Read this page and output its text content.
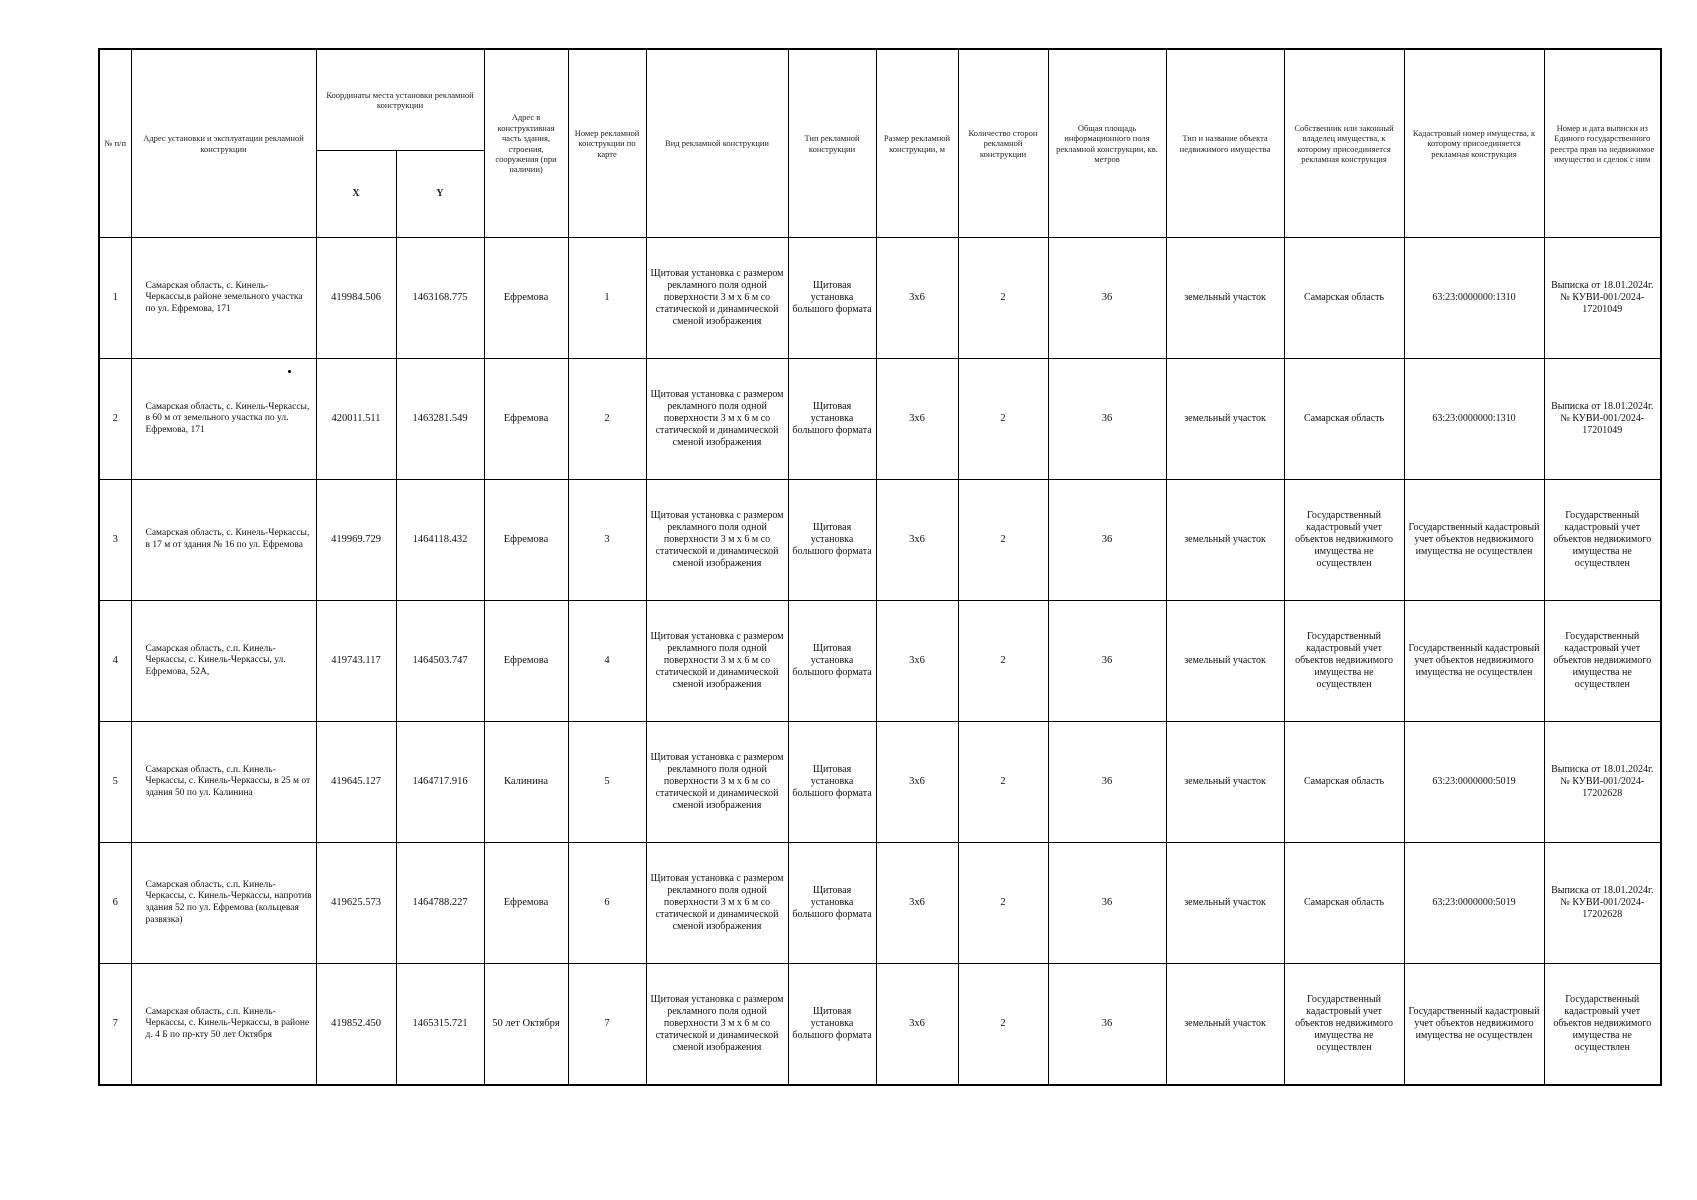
№ п/п	Адрес установки и эксплуатации рекламной конструкции	Координаты места установки рекламной конструкции		Адрес в конструктивная часть здания, строения, сооружения (при наличии)	Номер рекламной конструкции по карте	Вид рекламной конструкции	Тип рекламной конструкции	Размер рекламной конструкции, м	Количество сторон рекламной конструкции	Общая площадь информационного поля рекламной конструкции, кв. метров	Тип и название объекта недвижимого имущества	Собственник или законный владелец имущества, к которому присоединяется рекламная конструкция	Кадастровый номер имущества, к которому присоединяется рекламная конструкция	Номер и дата выписки из Единого государственного реестра прав на недвижимое имущество и сделок с ним
		X	Y											
1	Самарская область, с. Кинель-Черкассы,в районе земельного участка по ул. Ефремова, 171	419984.506	1463168.775	Ефремова	1	Щитовая установка с размером рекламного поля одной поверхности 3 м х 6 м со статической и динамической сменой изображения	Щитовая установка большого формата	3х6	2	36	земельный участок	Самарская область	63:23:0000000:1310	Выписка от 18.01.2024г. № КУВИ-001/2024-17201049
2	Самарская область, с. Кинель-Черкассы, в 60 м от земельного участка по ул. Ефремова, 171	420011.511	1463281.549	Ефремова	2	Щитовая установка с размером рекламного поля одной поверхности 3 м х 6 м со статической и динамической сменой изображения	Щитовая установка большого формата	3х6	2	36	земельный участок	Самарская область	63:23:0000000:1310	Выписка от 18.01.2024г. № КУВИ-001/2024-17201049
3	Самарская область, с. Кинель-Черкассы, в 17 м от здания № 16 по ул. Ефремова	419969.729	1464118.432	Ефремова	3	Щитовая установка с размером рекламного поля одной поверхности 3 м х 6 м со статической и динамической сменой изображения	Щитовая установка большого формата	3х6	2	36	земельный участок	Государственный кадастровый учет объектов недвижимого имущества не осуществлен	Государственный кадастровый учет объектов недвижимого имущества не осуществлен	Государственный кадастровый учет объектов недвижимого имущества не осуществлен
4	Самарская область, с.п. Кинель-Черкассы, с. Кинель-Черкассы, ул. Ефремова, 52А,	419743.117	1464503.747	Ефремова	4	Щитовая установка с размером рекламного поля одной поверхности 3 м х 6 м со статической и динамической сменой изображения	Щитовая установка большого формата	3х6	2	36	земельный участок	Государственный кадастровый учет объектов недвижимого имущества не осуществлен	Государственный кадастровый учет объектов недвижимого имущества не осуществлен	Государственный кадастровый учет объектов недвижимого имущества не осуществлен
5	Самарская область, с.п. Кинель-Черкассы, с. Кинель-Черкассы, в 25 м от здания 50 по ул. Калинина	419645.127	1464717.916	Калинина	5	Щитовая установка с размером рекламного поля одной поверхности 3 м х 6 м со статической и динамической сменой изображения	Щитовая установка большого формата	3х6	2	36	земельный участок	Самарская область	63:23:0000000:5019	Выписка от 18.01.2024г. № КУВИ-001/2024-17202628
6	Самарская область, с.п. Кинель-Черкассы, с. Кинель-Черкассы, напротив здания 52 по ул. Ефремова (кольцевая развязка)	419625.573	1464788.227	Ефремова	6	Щитовая установка с размером рекламного поля одной поверхности 3 м х 6 м со статической и динамической сменой изображения	Щитовая установка большого формата	3х6	2	36	земельный участок	Самарская область	63:23:0000000:5019	Выписка от 18.01.2024г. № КУВИ-001/2024-17202628
7	Самарская область, с.п. Кинель-Черкассы, с. Кинель-Черкассы, в районе д. 4 Б по пр-кту 50 лет Октября	419852.450	1465315.721	50 лет Октября	7	Щитовая установка с размером рекламного поля одной поверхности 3 м х 6 м со статической и динамической сменой изображения	Щитовая установка большого формата	3х6	2	36	земельный участок	Государственный кадастровый учет объектов недвижимого имущества не осуществлен	Государственный кадастровый учет объектов недвижимого имущества не осуществлен	Государственный кадастровый учет объектов недвижимого имущества не осуществлен
